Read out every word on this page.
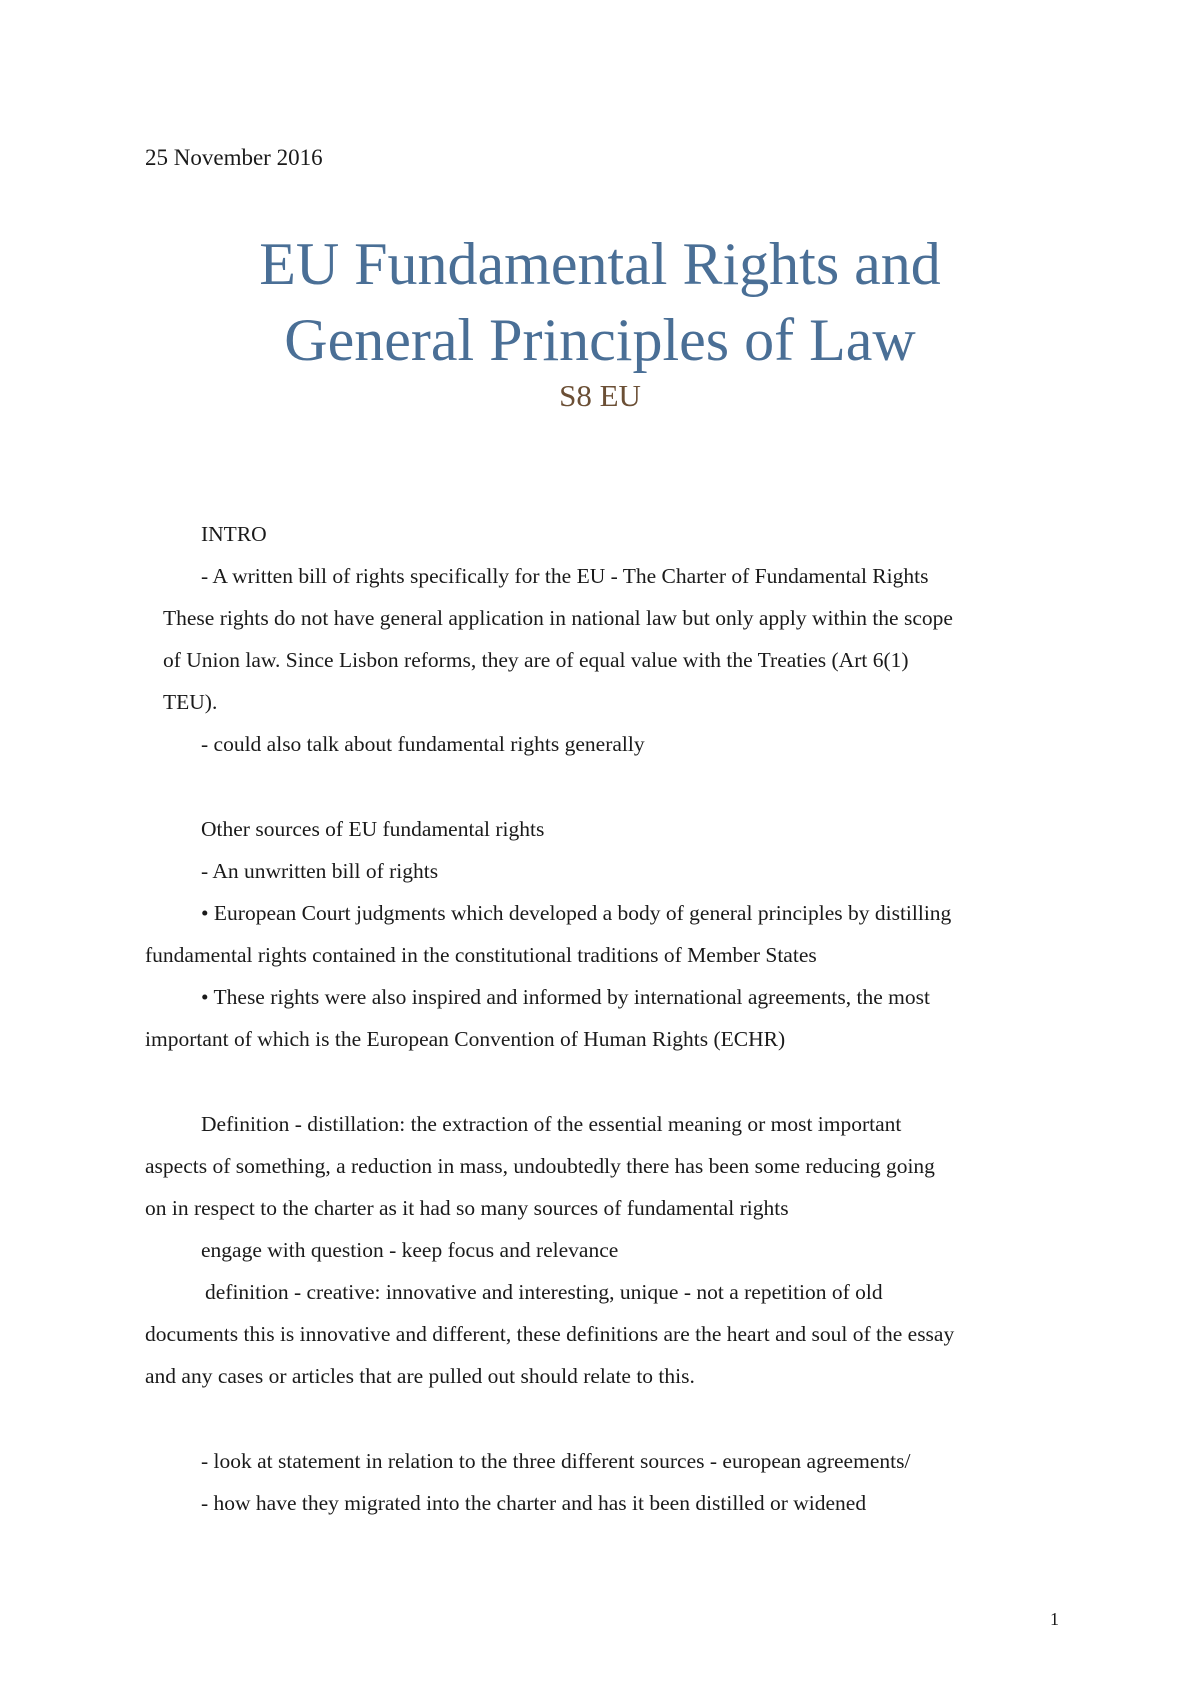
25 November 2016
EU Fundamental Rights and
General Principles of Law
S8 EU
INTRO
- A written bill of rights specifically for the EU - The Charter of Fundamental Rights
These rights do not have general application in national law but only apply within the scope
of Union law. Since Lisbon reforms, they are of equal value with the Treaties (Art 6(1)
TEU).
- could also talk about fundamental rights generally
Other sources of EU fundamental rights
- An unwritten bill of rights
• European Court judgments which developed a body of general principles by distilling
fundamental rights contained in the constitutional traditions of Member States
• These rights were also inspired and informed by international agreements, the most
important of which is the European Convention of Human Rights (ECHR)
Definition - distillation: the extraction of the essential meaning or most important
aspects of something, a reduction in mass, undoubtedly there has been some reducing going
on in respect to the charter as it had so many sources of fundamental rights
engage with question - keep focus and relevance
definition - creative: innovative and interesting, unique - not a repetition of old
documents this is innovative and different, these definitions are the heart and soul of the essay
and any cases or articles that are pulled out should relate to this.
- look at statement in relation to the three different sources - european agreements/
- how have they migrated into the charter and has it been distilled or widened
1
